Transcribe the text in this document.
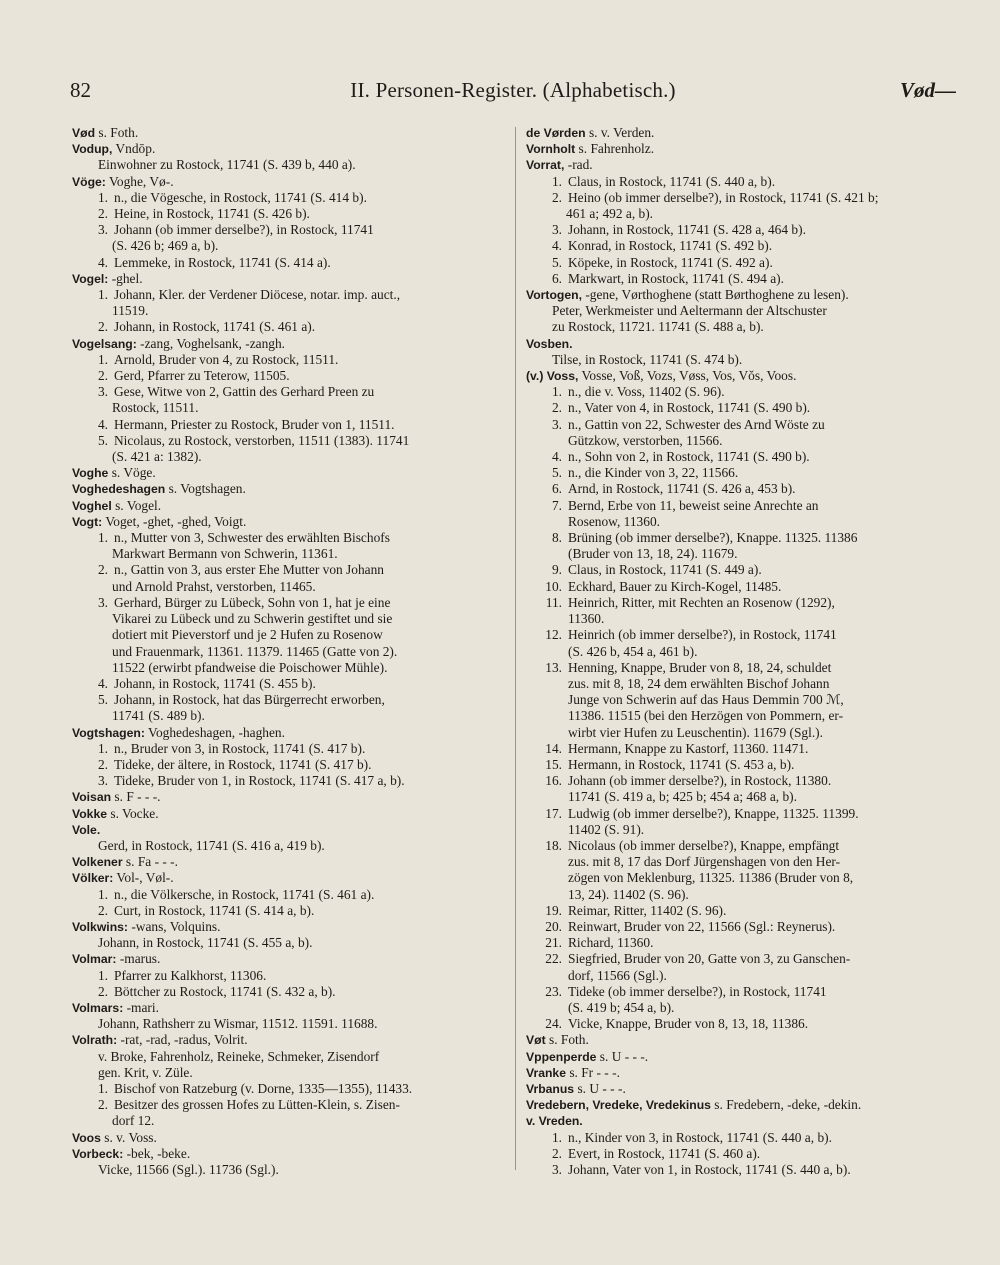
82	II. Personen-Register. (Alphabetisch.)	Vød—
Vød s. Foth.
Vodup, Vndōp.
Einwohner zu Rostock, 11741 (S. 439 b, 440 a).
Vöge: Voghe, Vø-.
1. n., die Vögesche, in Rostock, 11741 (S. 414 b).
2. Heine, in Rostock, 11741 (S. 426 b).
3. Johann (ob immer derselbe?), in Rostock, 11741
(S. 426 b; 469 a, b).
4. Lemmeke, in Rostock, 11741 (S. 414 a).
Vogel: -ghel.
1. Johann, Kler. der Verdener Diöcese, notar. imp. auct.,
11519.
2. Johann, in Rostock, 11741 (S. 461 a).
Vogelsang: -zang, Voghelsank, -zangh.
1. Arnold, Bruder von 4, zu Rostock, 11511.
2. Gerd, Pfarrer zu Teterow, 11505.
3. Gese, Witwe von 2, Gattin des Gerhard Preen zu
Rostock, 11511.
4. Hermann, Priester zu Rostock, Bruder von 1, 11511.
5. Nicolaus, zu Rostock, verstorben, 11511 (1383). 11741
(S. 421 a: 1382).
Voghe s. Vöge.
Voghedeshagen s. Vogtshagen.
Voghel s. Vogel.
Vogt: Voget, -ghet, -ghed, Voigt.
1. n., Mutter von 3, Schwester des erwählten Bischofs
Markwart Bermann von Schwerin, 11361.
2. n., Gattin von 3, aus erster Ehe Mutter von Johann
und Arnold Prahst, verstorben, 11465.
3. Gerhard, Bürger zu Lübeck, Sohn von 1, hat je eine
Vikarei zu Lübeck und zu Schwerin gestiftet und sie
dotiert mit Pieverstorf und je 2 Hufen zu Rosenow
und Frauenmark, 11361. 11379. 11465 (Gatte von 2).
11522 (erwirbt pfandweise die Poischower Mühle).
4. Johann, in Rostock, 11741 (S. 455 b).
5. Johann, in Rostock, hat das Bürgerrecht erworben,
11741 (S. 489 b).
Vogtshagen: Voghedeshagen, -haghen.
1. n., Bruder von 3, in Rostock, 11741 (S. 417 b).
2. Tideke, der ältere, in Rostock, 11741 (S. 417 b).
3. Tideke, Bruder von 1, in Rostock, 11741 (S. 417 a, b).
Voisan s. F - - -.
Vokke s. Vocke.
Vole.
Gerd, in Rostock, 11741 (S. 416 a, 419 b).
Volkener s. Fa - - -.
Völker: Vol-, Vøl-.
1. n., die Völkersche, in Rostock, 11741 (S. 461 a).
2. Curt, in Rostock, 11741 (S. 414 a, b).
Volkwins: -wans, Volquins.
Johann, in Rostock, 11741 (S. 455 a, b).
Volmar: -marus.
1. Pfarrer zu Kalkhorst, 11306.
2. Böttcher zu Rostock, 11741 (S. 432 a, b).
Volmars: -mari.
Johann, Rathsherr zu Wismar, 11512. 11591. 11688.
Volrath: -rat, -rad, -radus, Volrit.
v. Broke, Fahrenholz, Reineke, Schmeker, Zisendorf
gen. Krit, v. Züle.
1. Bischof von Ratzeburg (v. Dorne, 1335—1355), 11433.
2. Besitzer des grossen Hofes zu Lütten-Klein, s. Zisen-
dorf 12.
Voos s. v. Voss.
Vorbeck: -bek, -beke.
Vicke, 11566 (Sgl.). 11736 (Sgl.).
de Vørden s. v. Verden.
Vornholt s. Fahrenholz.
Vorrat, -rad.
1. Claus, in Rostock, 11741 (S. 440 a, b).
2. Heino (ob immer derselbe?), in Rostock, 11741 (S. 421 b;
461 a; 492 a, b).
3. Johann, in Rostock, 11741 (S. 428 a, 464 b).
4. Konrad, in Rostock, 11741 (S. 492 b).
5. Köpeke, in Rostock, 11741 (S. 492 a).
6. Markwart, in Rostock, 11741 (S. 494 a).
Vortogen, -gene, Vørthoghene (statt Børthoghene zu lesen).
Peter, Werkmeister und Aeltermann der Altschuster
zu Rostock, 11721. 11741 (S. 488 a, b).
Vosben.
Tilse, in Rostock, 11741 (S. 474 b).
(v.) Voss, Vosse, Voß, Vozs, Vøss, Vos, Vŏs, Voos.
1. n., die v. Voss, 11402 (S. 96).
2. n., Vater von 4, in Rostock, 11741 (S. 490 b).
3. n., Gattin von 22, Schwester des Arnd Wöste zu
Gützkow, verstorben, 11566.
4. n., Sohn von 2, in Rostock, 11741 (S. 490 b).
5. n., die Kinder von 3, 22, 11566.
6. Arnd, in Rostock, 11741 (S. 426 a, 453 b).
7. Bernd, Erbe von 11, beweist seine Anrechte an
Rosenow, 11360.
8. Brüning (ob immer derselbe?), Knappe. 11325. 11386
(Bruder von 13, 18, 24). 11679.
9. Claus, in Rostock, 11741 (S. 449 a).
10. Eckhard, Bauer zu Kirch-Kogel, 11485.
11. Heinrich, Ritter, mit Rechten an Rosenow (1292),
11360.
12. Heinrich (ob immer derselbe?), in Rostock, 11741
(S. 426 b, 454 a, 461 b).
13. Henning, Knappe, Bruder von 8, 18, 24, schuldet
zus. mit 8, 18, 24 dem erwählten Bischof Johann
Junge von Schwerin auf das Haus Demmin 700 ℳ,
11386. 11515 (bei den Herzögen von Pommern, er-
wirbt vier Hufen zu Leuschentin). 11679 (Sgl.).
14. Hermann, Knappe zu Kastorf, 11360. 11471.
15. Hermann, in Rostock, 11741 (S. 453 a, b).
16. Johann (ob immer derselbe?), in Rostock, 11380.
11741 (S. 419 a, b; 425 b; 454 a; 468 a, b).
17. Ludwig (ob immer derselbe?), Knappe, 11325. 11399.
11402 (S. 91).
18. Nicolaus (ob immer derselbe?), Knappe, empfängt
zus. mit 8, 17 das Dorf Jürgenshagen von den Her-
zögen von Meklenburg, 11325. 11386 (Bruder von 8,
13, 24). 11402 (S. 96).
19. Reimar, Ritter, 11402 (S. 96).
20. Reinwart, Bruder von 22, 11566 (Sgl.: Reynerus).
21. Richard, 11360.
22. Siegfried, Bruder von 20, Gatte von 3, zu Ganschen-
dorf, 11566 (Sgl.).
23. Tideke (ob immer derselbe?), in Rostock, 11741
(S. 419 b; 454 a, b).
24. Vicke, Knappe, Bruder von 8, 13, 18, 11386.
Vøt s. Foth.
Vppenperde s. U - - -.
Vranke s. Fr - - -.
Vrbanus s. U - - -.
Vredebern, Vredeke, Vredekinus s. Fredebern, -deke, -dekin.
v. Vreden.
1. n., Kinder von 3, in Rostock, 11741 (S. 440 a, b).
2. Evert, in Rostock, 11741 (S. 460 a).
3. Johann, Vater von 1, in Rostock, 11741 (S. 440 a, b).
